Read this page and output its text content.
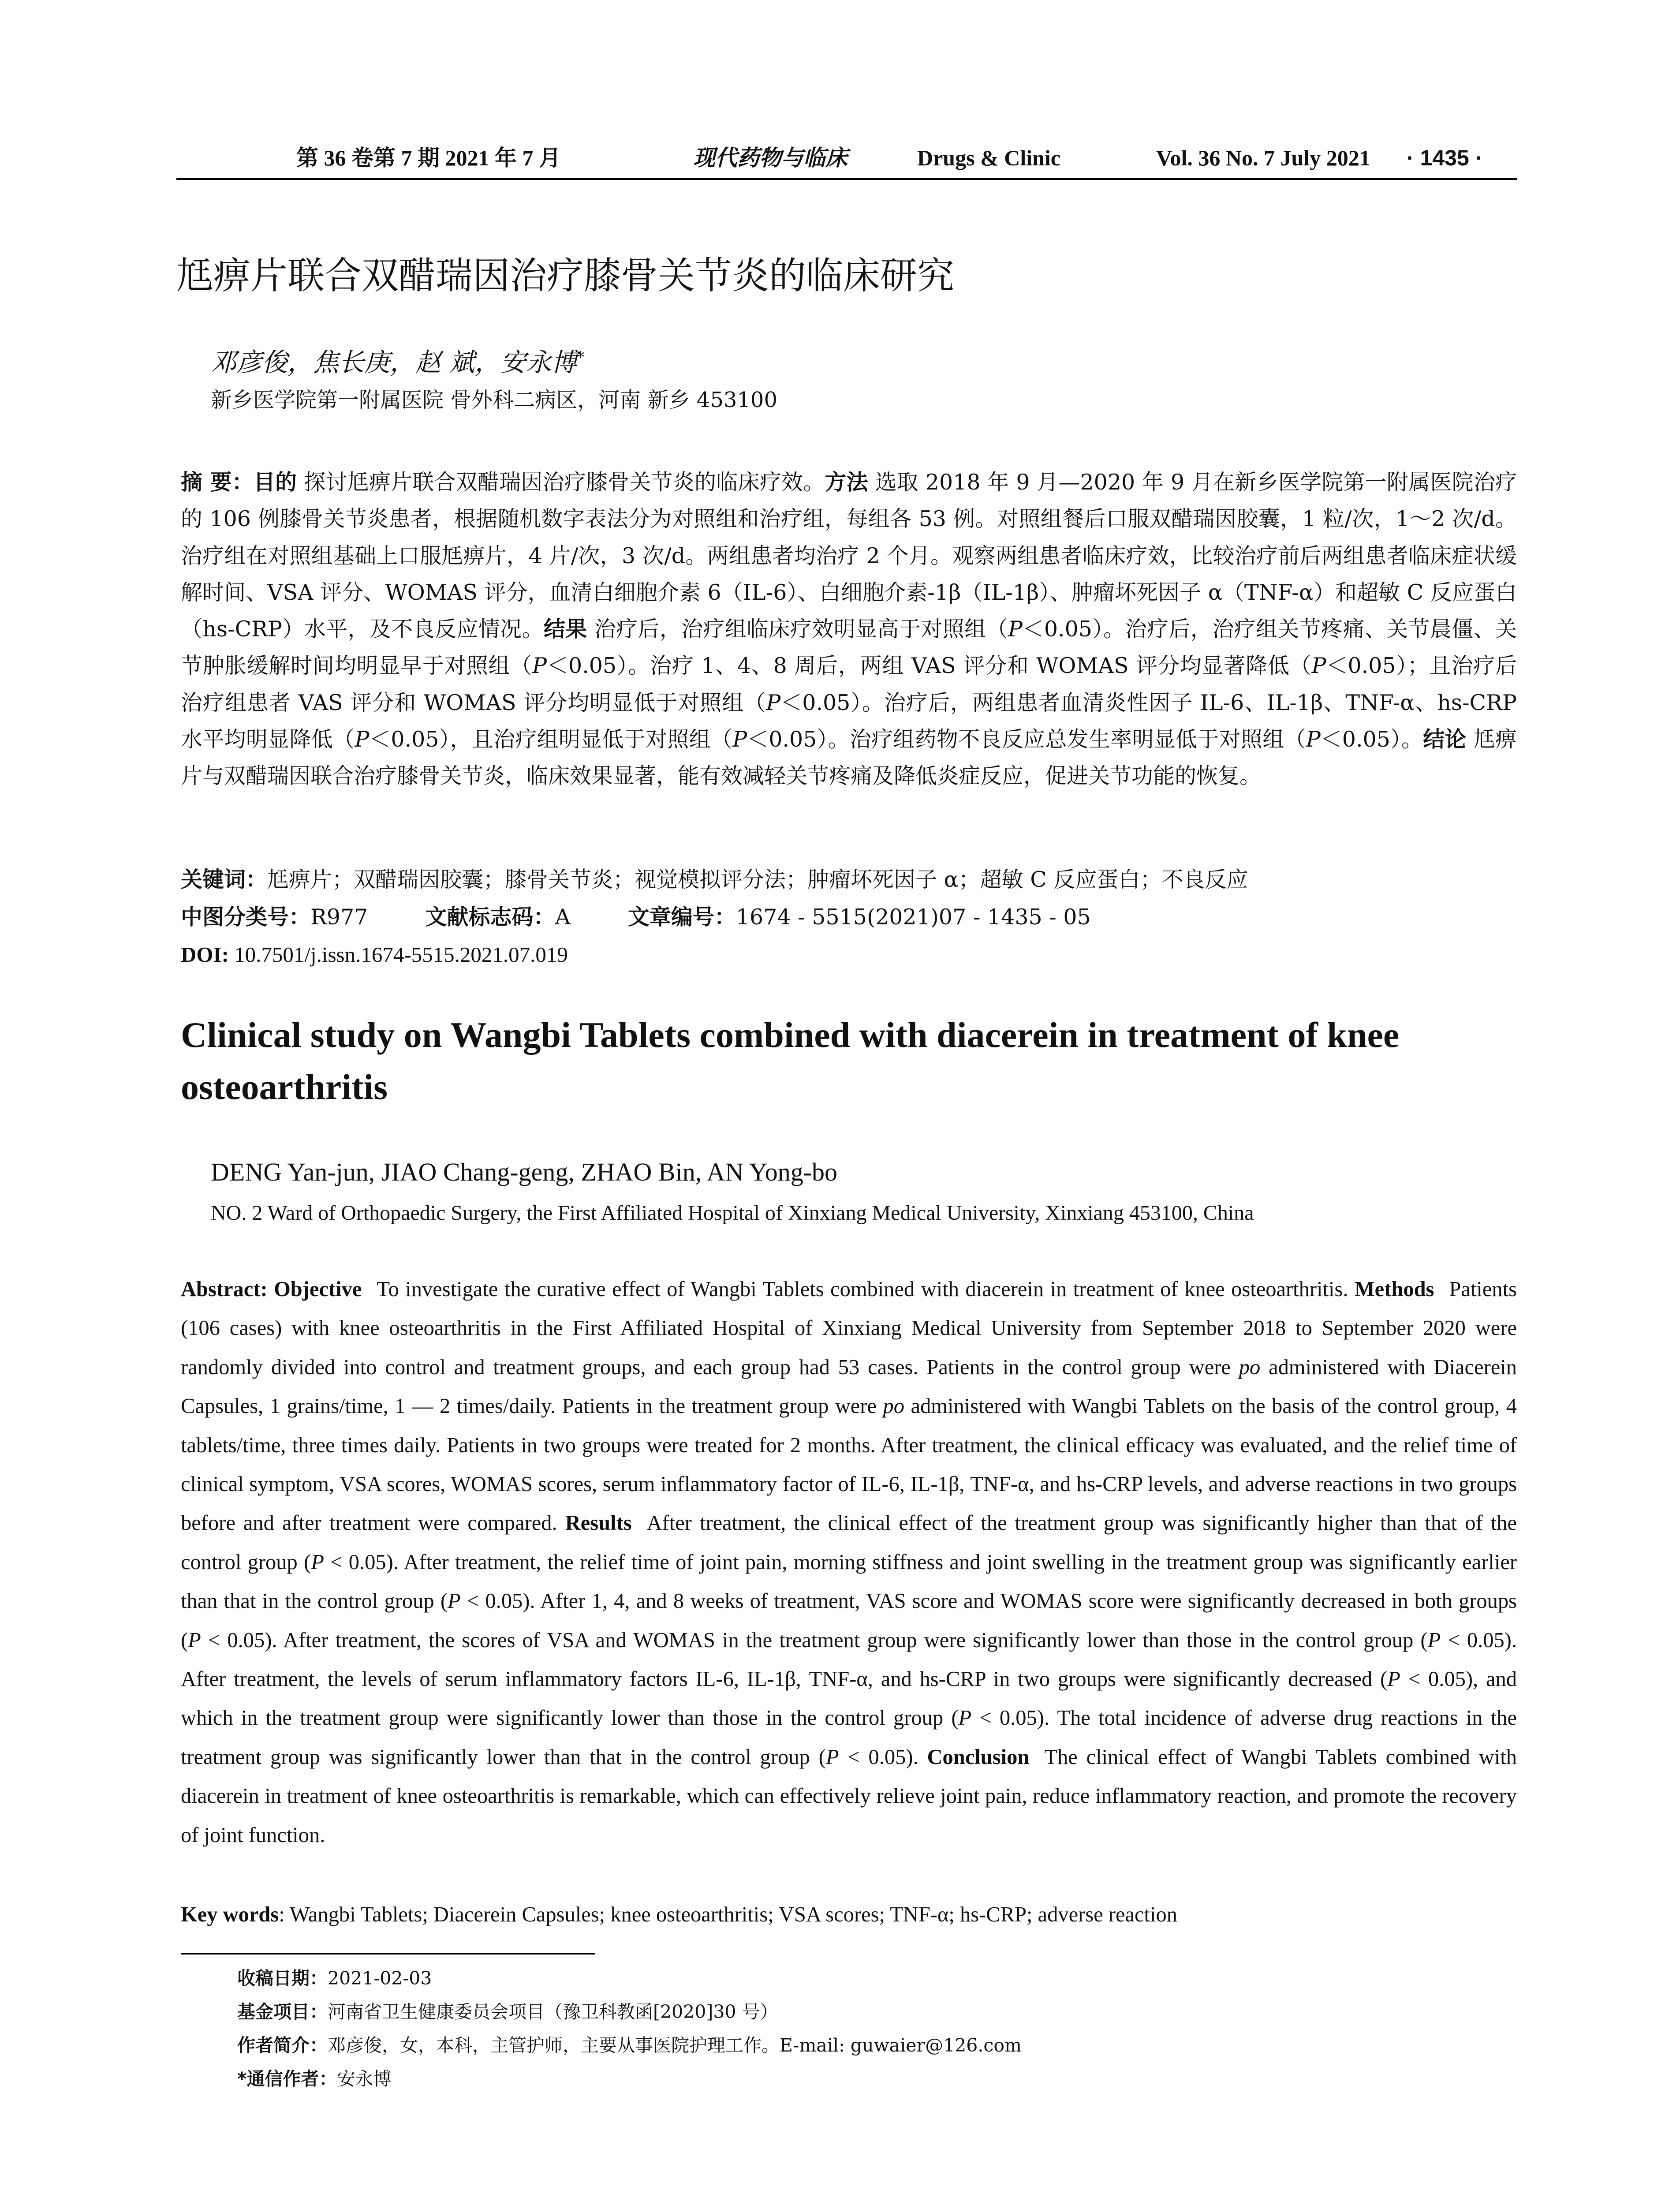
第 36 卷第 7 期 2021 年 7 月	现代药物与临床	Drugs & Clinic	Vol. 36 No. 7 July 2021 · 1435 ·
尪痹片联合双醋瑞因治疗膝骨关节炎的临床研究
邓彦俊，焦长庚，赵 斌，安永博*
新乡医学院第一附属医院 骨外科二病区，河南 新乡 453100
摘 要：目的 探讨尪痹片联合双醋瑞因治疗膝骨关节炎的临床疗效。方法 选取 2018 年 9 月—2020 年 9 月在新乡医学院第一附属医院治疗的 106 例膝骨关节炎患者，根据随机数字表法分为对照组和治疗组，每组各 53 例。对照组餐后口服双醋瑞因胶囊，1 粒/次，1～2 次/d。治疗组在对照组基础上口服尪痹片，4 片/次，3 次/d。两组患者均治疗 2 个月。观察两组患者临床疗效，比较治疗前后两组患者临床症状缓解时间、VSA 评分、WOMAS 评分，血清白细胞介素 6（IL-6）、白细胞介素-1β（IL-1β）、肿瘤坏死因子 α（TNF-α）和超敏 C 反应蛋白（hs-CRP）水平，及不良反应情况。结果 治疗后，治疗组临床疗效明显高于对照组（P＜0.05）。治疗后，治疗组关节疼痛、关节晨僵、关节肿胀缓解时间均明显早于对照组（P＜0.05）。治疗 1、4、8 周后，两组 VAS 评分和 WOMAS 评分均显著降低（P＜0.05）；且治疗后治疗组患者 VAS 评分和 WOMAS 评分均明显低于对照组（P＜0.05）。治疗后，两组患者血清炎性因子 IL-6、IL-1β、TNF-α、hs-CRP 水平均明显降低（P＜0.05），且治疗组明显低于对照组（P＜0.05）。治疗组药物不良反应总发生率明显低于对照组（P＜0.05）。结论 尪痹片与双醋瑞因联合治疗膝骨关节炎，临床效果显著，能有效减轻关节疼痛及降低炎症反应，促进关节功能的恢复。
关键词：尪痹片；双醋瑞因胶囊；膝骨关节炎；视觉模拟评分法；肿瘤坏死因子 α；超敏 C 反应蛋白；不良反应
中图分类号：R977	文献标志码：A	文章编号：1674 - 5515(2021)07 - 1435 - 05
DOI: 10.7501/j.issn.1674-5515.2021.07.019
Clinical study on Wangbi Tablets combined with diacerein in treatment of knee osteoarthritis
DENG Yan-jun, JIAO Chang-geng, ZHAO Bin, AN Yong-bo
NO. 2 Ward of Orthopaedic Surgery, the First Affiliated Hospital of Xinxiang Medical University, Xinxiang 453100, China
Abstract: Objective To investigate the curative effect of Wangbi Tablets combined with diacerein in treatment of knee osteoarthritis. Methods Patients (106 cases) with knee osteoarthritis in the First Affiliated Hospital of Xinxiang Medical University from September 2018 to September 2020 were randomly divided into control and treatment groups, and each group had 53 cases. Patients in the control group were po administered with Diacerein Capsules, 1 grains/time, 1 — 2 times/daily. Patients in the treatment group were po administered with Wangbi Tablets on the basis of the control group, 4 tablets/time, three times daily. Patients in two groups were treated for 2 months. After treatment, the clinical efficacy was evaluated, and the relief time of clinical symptom, VSA scores, WOMAS scores, serum inflammatory factor of IL-6, IL-1β, TNF-α, and hs-CRP levels, and adverse reactions in two groups before and after treatment were compared. Results After treatment, the clinical effect of the treatment group was significantly higher than that of the control group (P < 0.05). After treatment, the relief time of joint pain, morning stiffness and joint swelling in the treatment group was significantly earlier than that in the control group (P < 0.05). After 1, 4, and 8 weeks of treatment, VAS score and WOMAS score were significantly decreased in both groups (P < 0.05). After treatment, the scores of VSA and WOMAS in the treatment group were significantly lower than those in the control group (P < 0.05). After treatment, the levels of serum inflammatory factors IL-6, IL-1β, TNF-α, and hs-CRP in two groups were significantly decreased (P < 0.05), and which in the treatment group were significantly lower than those in the control group (P < 0.05). The total incidence of adverse drug reactions in the treatment group was significantly lower than that in the control group (P < 0.05). Conclusion The clinical effect of Wangbi Tablets combined with diacerein in treatment of knee osteoarthritis is remarkable, which can effectively relieve joint pain, reduce inflammatory reaction, and promote the recovery of joint function.
Key words: Wangbi Tablets; Diacerein Capsules; knee osteoarthritis; VSA scores; TNF-α; hs-CRP; adverse reaction
收稿日期：2021-02-03
基金项目：河南省卫生健康委员会项目（豫卫科教函[2020]30 号）
作者简介：邓彦俊，女，本科，主管护师，主要从事医院护理工作。E-mail: guwaier@126.com
*通信作者：安永博
